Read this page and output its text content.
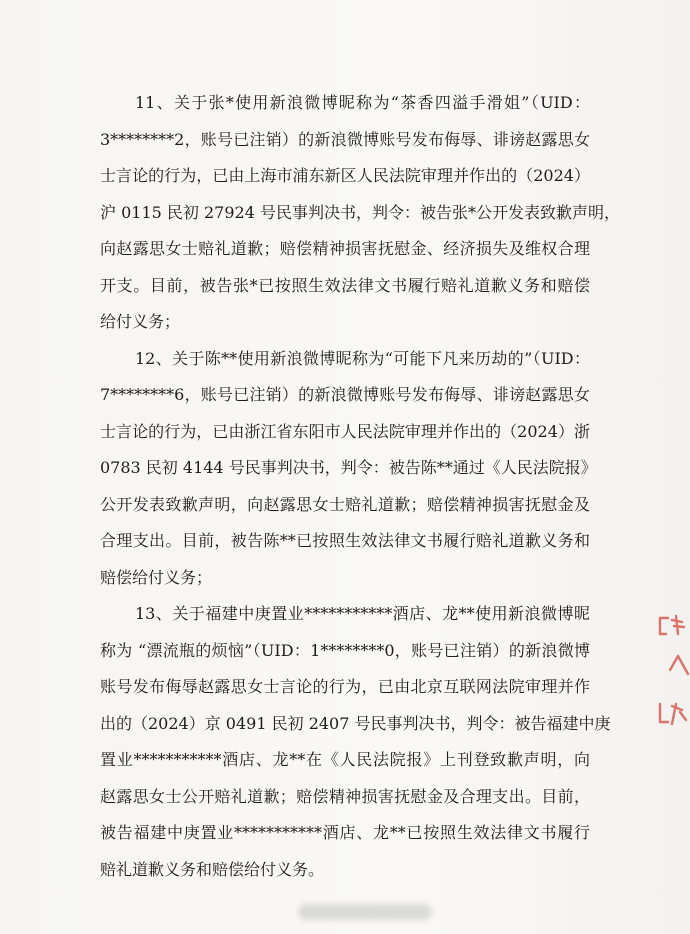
11、关于张*使用新浪微博昵称为“茶香四溢手滑姐”（UID：
3********2，账号已注销）的新浪微博账号发布侮辱、诽谤赵露思女
士言论的行为，已由上海市浦东新区人民法院审理并作出的（2024）
沪 0115 民初 27924 号民事判决书，判令：被告张*公开发表致歉声明，
向赵露思女士赔礼道歉；赔偿精神损害抚慰金、经济损失及维权合理
开支。目前，被告张*已按照生效法律文书履行赔礼道歉义务和赔偿
给付义务；
12、关于陈**使用新浪微博昵称为“可能下凡来历劫的”（UID：
7********6，账号已注销）的新浪微博账号发布侮辱、诽谤赵露思女
士言论的行为，已由浙江省东阳市人民法院审理并作出的（2024）浙
0783 民初 4144 号民事判决书，判令：被告陈**通过《人民法院报》
公开发表致歉声明，向赵露思女士赔礼道歉；赔偿精神损害抚慰金及
合理支出。目前，被告陈**已按照生效法律文书履行赔礼道歉义务和
赔偿给付义务；
13、关于福建中庚置业***********酒店、龙**使用新浪微博昵
称为 “漂流瓶的烦恼”（UID：1********0，账号已注销）的新浪微博
账号发布侮辱赵露思女士言论的行为，已由北京互联网法院审理并作
出的（2024）京 0491 民初 2407 号民事判决书，判令：被告福建中庚
置业***********酒店、龙**在《人民法院报》上刊登致歉声明，向
赵露思女士公开赔礼道歉；赔偿精神损害抚慰金及合理支出。目前，
被告福建中庚置业***********酒店、龙**已按照生效法律文书履行
赔礼道歉义务和赔偿给付义务。
